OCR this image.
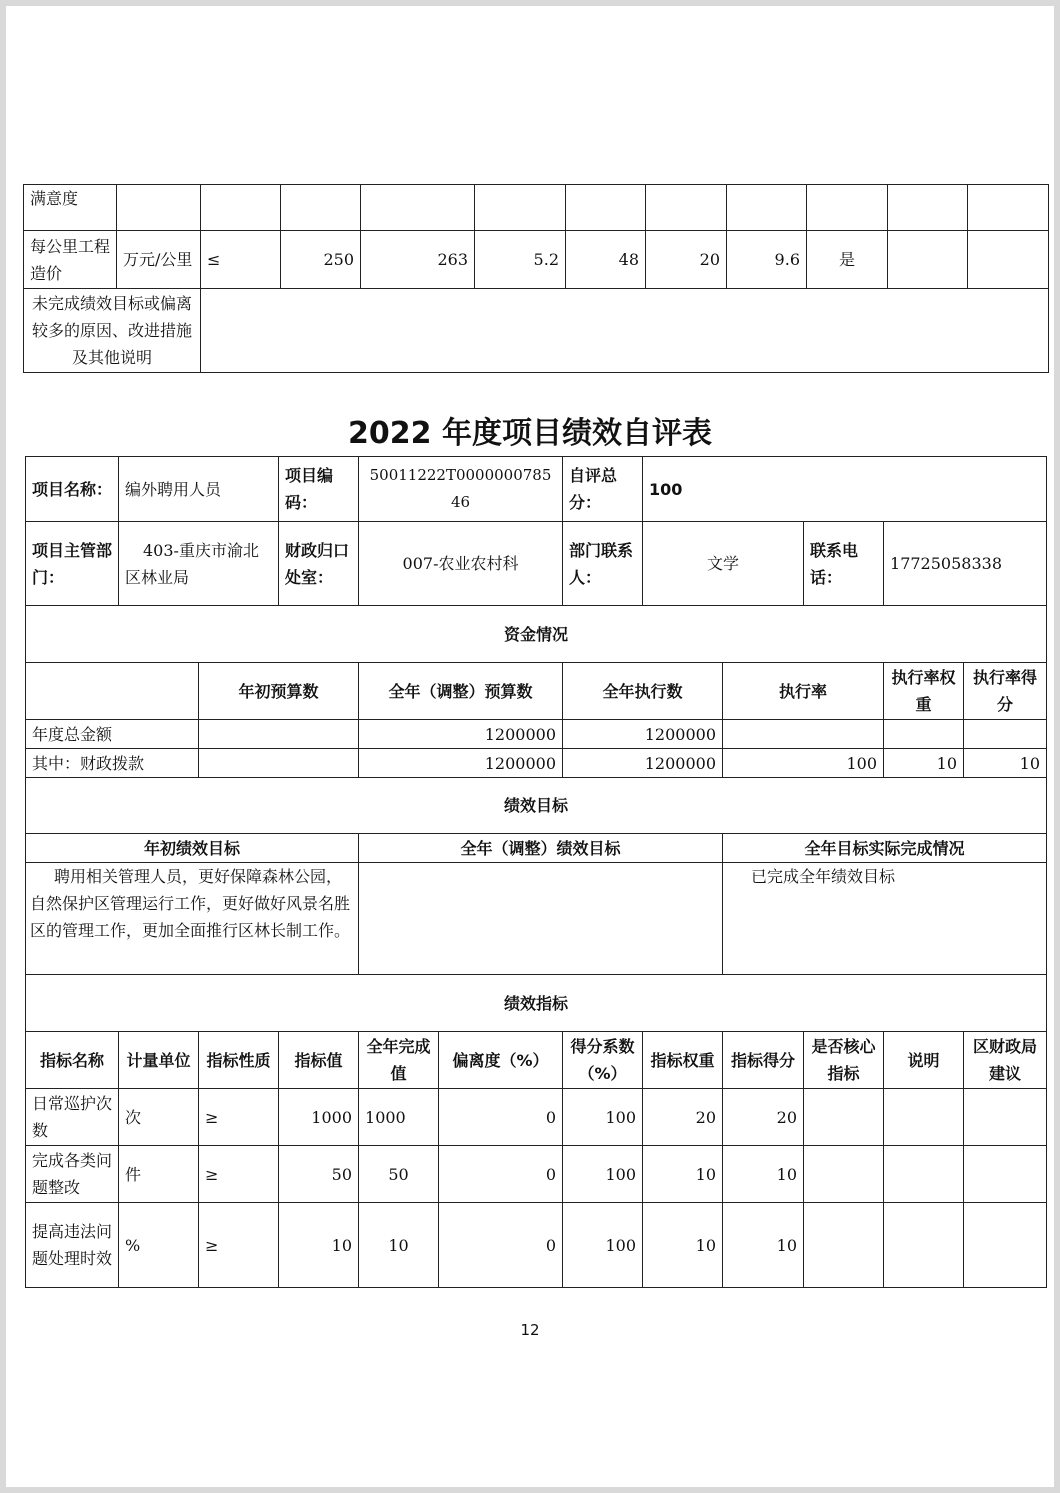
满意度											
每公里工程造价	万元/公里	≤	250	263	5.2	48	20	9.6	是		
未完成绩效目标或偏离较多的原因、改进措施及其他说明											
2022 年度项目绩效自评表
项目名称：	编外聘用人员		项目编码：	50011222T000000078546		自评总分：	100				
项目主管部门：	403-重庆市渝北区林业局		财政归口处室：	007-农业农村科		部门联系人：	文学		联系电话：	17725058338	
资金情况											
		年初预算数		全年（调整）预算数		全年执行数		执行率		执行率权重	执行率得分
年度总金额				1200000		1200000					
其中：财政拨款				1200000		1200000		100		10	10
绩效目标											
年初绩效目标				全年（调整）绩效目标				全年目标实际完成情况			
聘用相关管理人员，更好保障森林公园，自然保护区管理运行工作，更好做好风景名胜区的管理工作，更加全面推行区林长制工作。								已完成全年绩效目标			
绩效指标											
指标名称	计量单位	指标性质	指标值	全年完成值	偏离度（%）	得分系数（%）	指标权重	指标得分	是否核心指标	说明	区财政局建议
日常巡护次数	次	≥	1000	1000	0	100	20	20			
完成各类问题整改	件	≥	50	50	0	100	10	10			
提高违法问题处理时效	%	≥	10	10	0	100	10	10			
12
